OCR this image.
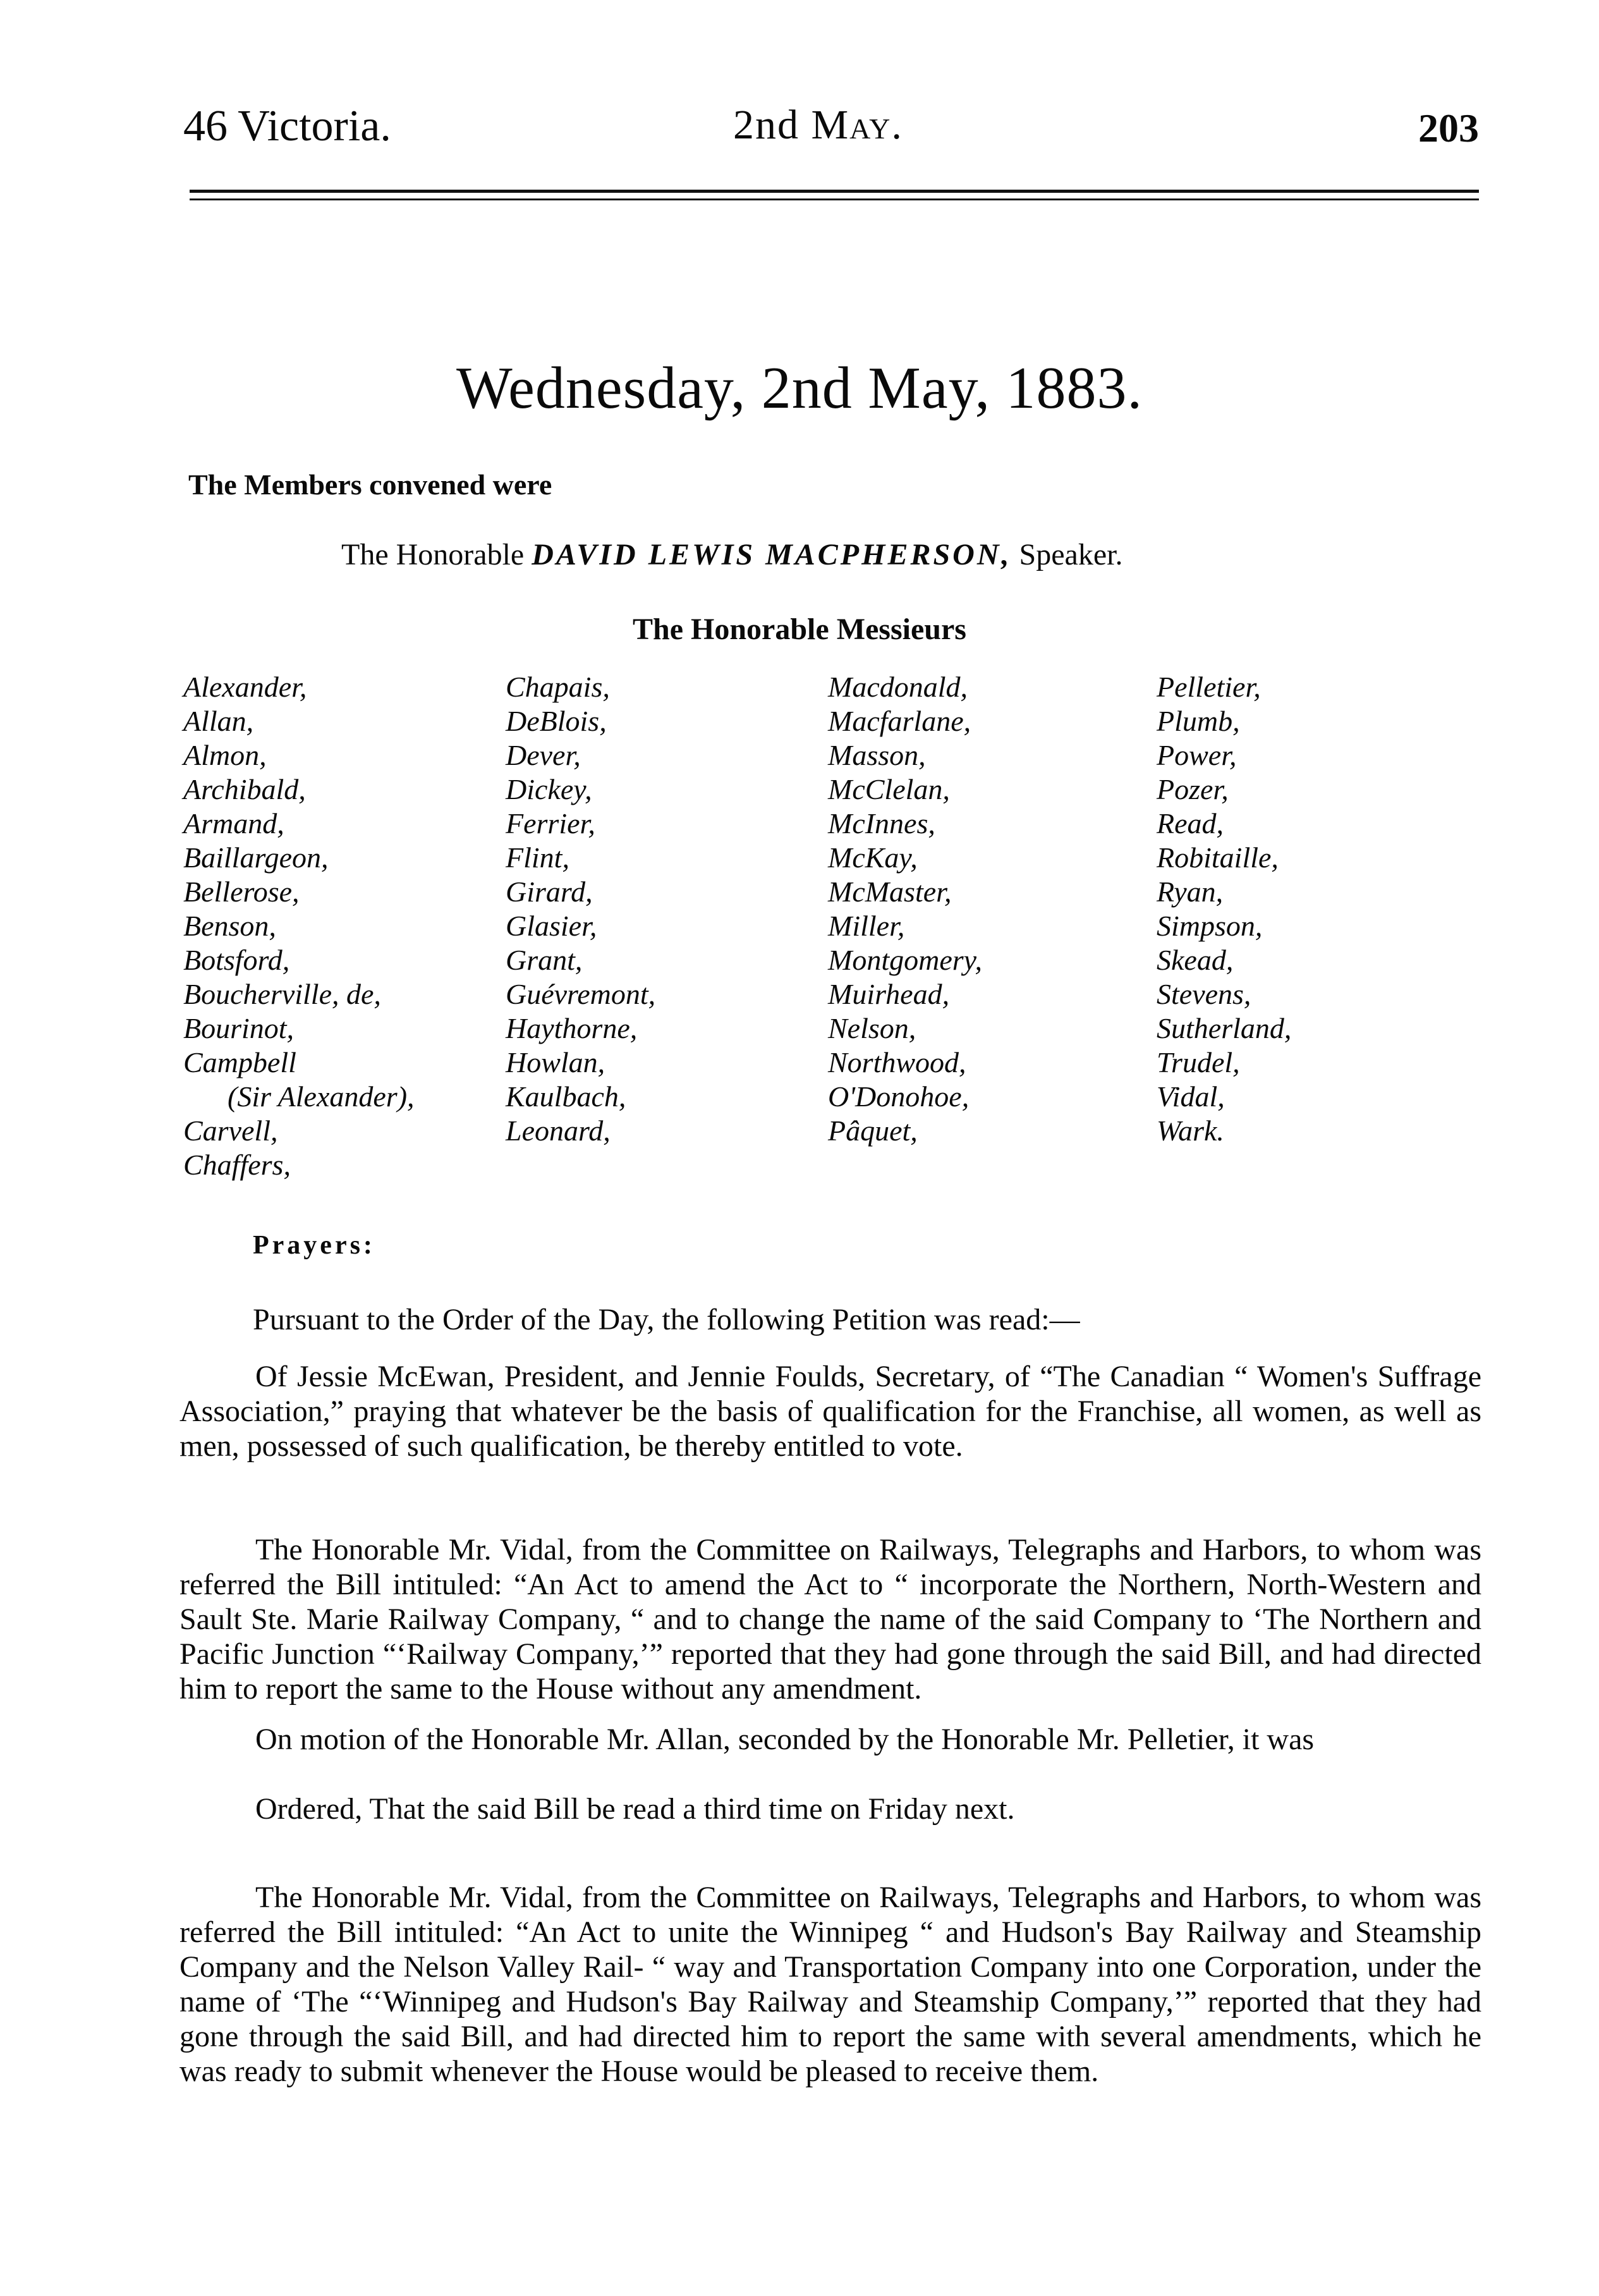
46 Victoria.	2nd May.	203
Wednesday, 2nd May, 1883.
The Members convened were
The Honorable DAVID LEWIS MACPHERSON, Speaker.
The Honorable Messieurs
Alexander,
Allan,
Almon,
Archibald,
Armand,
Baillargeon,
Bellerose,
Benson,
Botsford,
Boucherville, de,
Bourinot,
Campbell
(Sir Alexander),
Carvell,
Chaffers,
Chapais,
DeBlois,
Dever,
Dickey,
Ferrier,
Flint,
Girard,
Glasier,
Grant,
Guévremont,
Haythorne,
Howlan,
Kaulbach,
Leonard,
Macdonald,
Macfarlane,
Masson,
McClelan,
McInnes,
McKay,
McMaster,
Miller,
Montgomery,
Muirhead,
Nelson,
Northwood,
O'Donohoe,
Pâquet,
Pelletier,
Plumb,
Power,
Pozer,
Read,
Robitaille,
Ryan,
Simpson,
Skead,
Stevens,
Sutherland,
Trudel,
Vidal,
Wark.
Prayers:

Pursuant to the Order of the Day, the following Petition was read:—

Of Jessie McEwan, President, and Jennie Foulds, Secretary, of “The Canadian “ Women's Suffrage Association,” praying that whatever be the basis of qualification for the Franchise, all women, as well as men, possessed of such qualification, be thereby entitled to vote.

The Honorable Mr. Vidal, from the Committee on Railways, Telegraphs and Harbors, to whom was referred the Bill intituled: “An Act to amend the Act to “ incorporate the Northern, North-Western and Sault Ste. Marie Railway Company, “ and to change the name of the said Company to ‘The Northern and Pacific Junction “‘Railway Company,’” reported that they had gone through the said Bill, and had directed him to report the same to the House without any amendment.

On motion of the Honorable Mr. Allan, seconded by the Honorable Mr. Pelletier, it was

Ordered, That the said Bill be read a third time on Friday next.

The Honorable Mr. Vidal, from the Committee on Railways, Telegraphs and Harbors, to whom was referred the Bill intituled: “An Act to unite the Winnipeg “ and Hudson's Bay Railway and Steamship Company and the Nelson Valley Rail- “ way and Transportation Company into one Corporation, under the name of ‘The “‘Winnipeg and Hudson's Bay Railway and Steamship Company,’” reported that they had gone through the said Bill, and had directed him to report the same with several amendments, which he was ready to submit whenever the House would be pleased to receive them.
